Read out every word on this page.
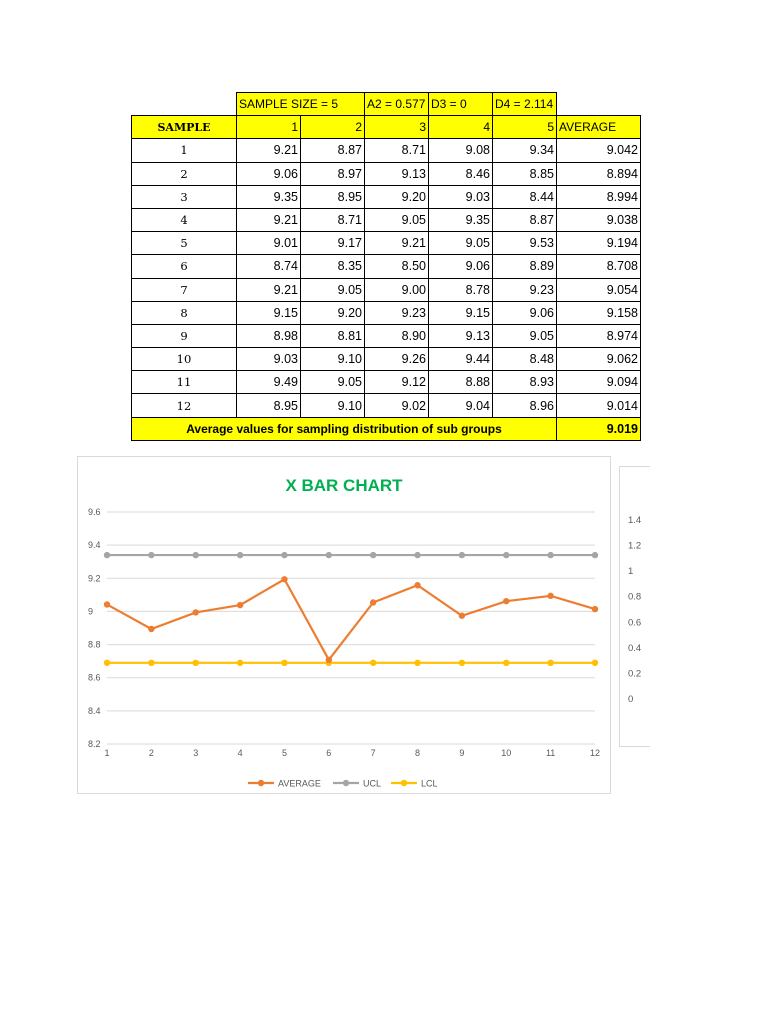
	SAMPLE SIZE = 5		A2 = 0.577	D3 = 0	D4 = 2.114	
SAMPLE	1	2	3	4	5	AVERAGE
1	9.21	8.87	8.71	9.08	9.34	9.042
2	9.06	8.97	9.13	8.46	8.85	8.894
3	9.35	8.95	9.20	9.03	8.44	8.994
4	9.21	8.71	9.05	9.35	8.87	9.038
5	9.01	9.17	9.21	9.05	9.53	9.194
6	8.74	8.35	8.50	9.06	8.89	8.708
7	9.21	9.05	9.00	8.78	9.23	9.054
8	9.15	9.20	9.23	9.15	9.06	9.158
9	8.98	8.81	8.90	9.13	9.05	8.974
10	9.03	9.10	9.26	9.44	8.48	9.062
11	9.49	9.05	9.12	8.88	8.93	9.094
12	8.95	9.10	9.02	9.04	8.96	9.014
Average values for sampling distribution of sub groups						9.019
X BAR CHART
8.2
8.4
8.6
8.8
9
9.2
9.4
9.6
1	2	3	4	5	6	7	8	9	10	11	12
AVERAGE	UCL	LCL
0
0.2
0.4
0.6
0.8
1
1.2
1.4
